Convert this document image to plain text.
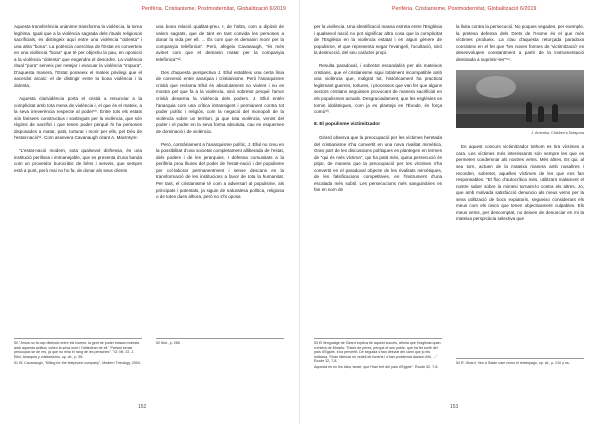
Perifèria. Cristianisme, Postmodernitat, Globalització 6/2019

Aquesta transferència unànime transforma la violència, la torna legítima. Igual que a la violència sagrada dels rituals religiosos sacrificials, es distingeix aquí entre una violència "dolenta" i una altra "bona". La potència coercitiva de l'Estat es converteix en una violència "bona" que té per objectiu la pau, en oposició a la violència "dolenta" que engendra el desordre. La violència ritual "pura" serveix per netejar i evacuar la violència "impura". D'aquesta manera, l'Estat posseeix el mateix privilegi que el sacerdot arcaic: el de distingir entre la bona violència i la dolenta.

Aquesta clarividència porta el cristià a renunciar a la complicitat amb tota mena de violència i, el que és el mateix, a la seva irreverència respecte al poder⁵⁰. Entre tots els estats són farisees constructius i sostinguts per la violència, que són règims de sacrifici i que tenen poder perquè hi ha persones disposades a matar, patir, torturar i morir per ells, pel Déu de l'estat-nació⁵¹. Com assevera Cavanaugh citant A. MacIntyre:

"L'estat-nació modern, sota qualsevol disfressa, és una institució perillosa i immanejable, que es presenta d'una banda com un proveïdor burocràtic de béns i serveis, que sempre està a punt, però mai no ho fa, de donar als seus clients

50 "Jesús no fa cap distinció entre els homes; la gent de poder estava molesta amb aquesta actitud; volien la seva mort i l'obtindran de ell." Parlant sense preocupar-se de res, ja que no mira el rang de les persones". "Cf. Mt. 22. J. Ellul, Anarquia y cristianismo, op. cit., p. 55.

51 W. Cavanaugh, "Killing for the telephone company", Modern Theology, 2004.

una bona relació qualitat-preu. I, de l'altra, com a dipòsit de valors sagrats, que de tant en tant convida les persones a donar la vida per ell. ... És com que et demanin morir per la companyia telefònica". Però, afegeix Cavanaugh, "és més avinet com que et demanin matar per la companyia telefònica"⁵².

Des d'aquesta perspectiva J. Ellul estableix una certa línia de connexió entre anarquia i cristianisme. Però l'anarquisme cristià que reclama Ellul és absolutament no violent i no es mostra pel que fa a la violència, sinó sobretot perquè l'amor cristià desarma la violència dels poders. J. Ellul entén l'anarquia com una crítica intransigent i permanent contra tot poder polític i religiós, com la negació del monopoli de la violència sobre un territori, ja que tota violència, venint del poder i el poder en la seva forma absoluta, cau en esquemes de dominació i de violència.

Però, contràriament a l'anarquisme polític, J. Ellul no creu en la possibilitat d'una societat completament alliberada de l'estat, dels poders i de les jerarquies. I defensa comunitats a la perifèria prou lliures del poder de l'estat-nació i del populisme per col·laborar permanentment i sense descans en la transformació de les institucions a favor de tota la humanitat. Per tant, el cristianisme té com a adversari al populisme, als principats i potestats, ja siguin de naturalesa política, religiosa o de totes dues alhora, però no s'hi oposa

52 Ibid., p. 285.

152
Perifèria. Cristianisme, Postmodernitat, Globalització 6/2019

per la violència. Una identificació massa estreta entre l'Església i qualsevol nació no pot significar altra cosa que la complicitat de l'Església en la violència estatal i en algun gènere de populisme, el que representa negar l'evangeli, l'ocultació, sinó la destrucció, del seu caràcter propi.

Resulta paradoxal, i sobretot escandalós per als mateixos cristians, que el cristianisme sigui totalment incompatible amb una violència que, malgrat tot, històricament ha practicat legitimant guerres, tortures, i processos que van fer que alguns sectors cristians seguissen provocant de manera sacrificial en els populismes actuals. Desgraciadament, que les esglésies es tornin idolàtriques, com ja es planteja en l'Èxode, és força comú⁵³.

8. El populisme victimitzador

Girard observa que la preocupació per les víctimes heretada del cristianisme s'ha convertit en una nova rivalitat mimètica. Gran part de les discussions polítiques es plantegen en termes de "qui és més víctima", qui ha patit més, quina persecució és pitjor, de manera que la preocupació per les víctimes s'ha convertit en el paradoxal objecte de les rivalitats mimètiques, de les falsificacions competitives, en l'instrument d'una escalada més subtil. Les persecucions més sanguinàries es fan en nom de

53 El llenguatge de Girard explica bé aquest succés, afirma que l'església quan s'entera de Moisès: "Estes de peres, perquè el seu poble, que ha fet sortir del país d'Egipte, s'ha pervertit. De seguida s'han desviat del camí que jo els indicava. S'han fabricat un vedell de foneria i s'han prosternat davant d'ell, ..." Èxode 32, 7-8.

Aquesta és en Ies idea, Israel, que t'han tret del país d'Egipte". Èxode 32, 7-8.

la lluita contra la persecució. No poques vegades, per exemple, la pretesa defensa dels Drets de l'Home és el que més víctimes produeix. La clau d'aquesta retorçada paradoxa consisteix en el fet que "les noves formes de 'victimització' es desenvolupen constantment a partir de la instrumentació destinada a suprimir-les"⁵⁴.

J. Amerika, Children's Diaspora

En aquest concurs victimitzador tothom es tira víctimes a cara. Les víctimes més interessants són sempre les que es permeten condemnar als nostres veïns. Més altres. Es qui, al seu torn, actuen de la mateixa manera amb nosaltres i recorden, sobretot, aquelles víctimes de les que ens fan responsables. "El floc d'autocrítica més, utilitzant malament el nostre saber sobre la mimesi tornant-lo contra els altres. Jo, que amb malvada satisfacció denuncio als meus veïns per la seva utilització de bocs expiatoris, segueixo considerant els meus com els únics que tenen objectivament culpables. Els meus veïns, per descomptat, no deixen de denunciar en mi la mateixa perspicàcia selectiva que

54 R. Girard, Veo a Satán caer como el relámpago, op. cit., p. 210 y ss.

153
